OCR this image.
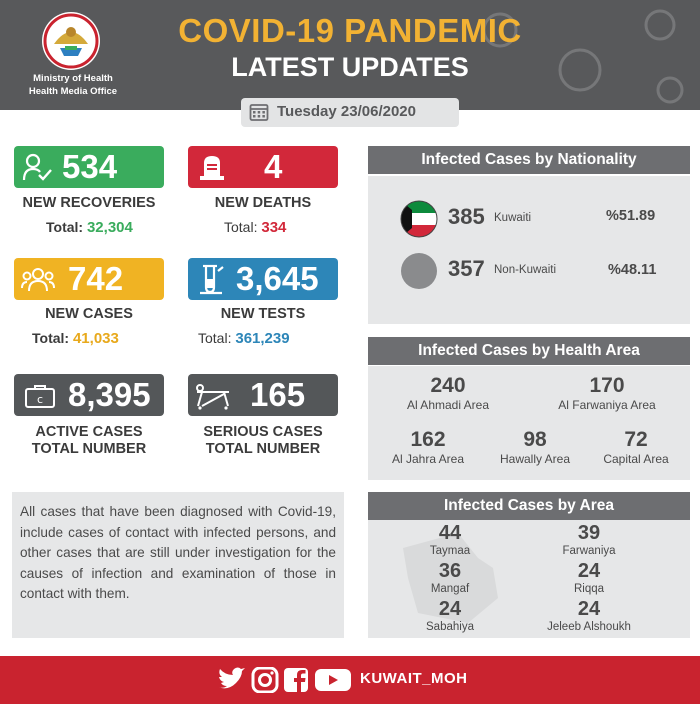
Ministry of Health
Health Media Office
COVID-19 PANDEMIC
LATEST UPDATES
Tuesday 23/06/2020
534
NEW RECOVERIES
Total: 32,304
4
NEW DEATHS
Total: 334
742
NEW CASES
Total: 41,033
3,645
NEW TESTS
Total: 361,239
c 8,395
ACTIVE CASES
TOTAL NUMBER
165
SERIOUS CASES
TOTAL NUMBER
All cases that have been diagnosed with Covid-19, include cases of contact with infected persons, and other cases that are still under investigation for the causes of infection and examination of those in contact with them.
Infected Cases by Nationality
385 Kuwaiti	%51.89
357 Non-Kuwaiti	%48.11
Infected Cases by Health Area
240
Al Ahmadi Area
170
Al Farwaniya Area
162
Al Jahra Area
98
Hawally Area
72
Capital Area
Infected Cases by Area
44
Taymaa
39
Farwaniya
36
Mangaf
24
Riqqa
24
Sabahiya
24
Jeleeb Alshoukh
KUWAIT_MOH
